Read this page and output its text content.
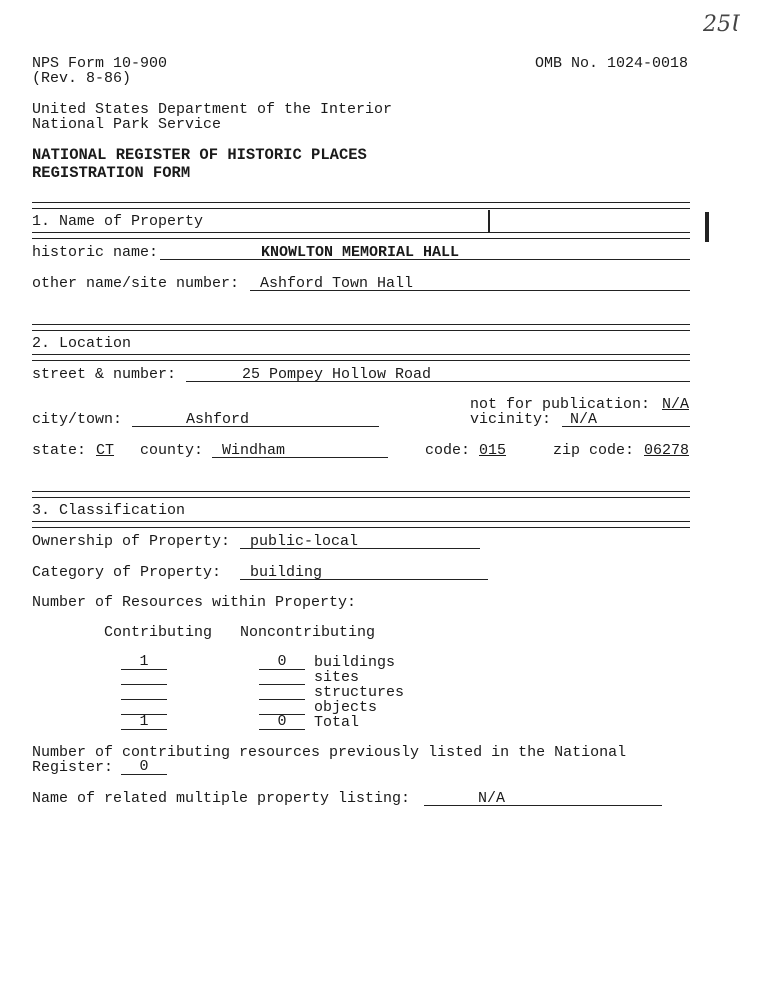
25Ꙇ
NPS Form 10-900
(Rev. 8-86)
OMB No. 1024-0018
United States Department of the Interior
National Park Service
NATIONAL REGISTER OF HISTORIC PLACES
REGISTRATION FORM
1. Name of Property
historic name:	KNOWLTON MEMORIAL HALL
other name/site number: Ashford Town Hall
2. Location
street & number:	25 Pompey Hollow Road
not for publication: N/A
city/town:	Ashford	vicinity: N/A
state: CT county: Windham	code: 015	zip code: 06278
3. Classification
Ownership of Property: public-local
Category of Property: building
Number of Resources within Property:
Contributing Noncontributing
1	0	buildings
sites
structures
objects
1	0	Total
Number of contributing resources previously listed in the National
Register:	0
Name of related multiple property listing:	N/A
